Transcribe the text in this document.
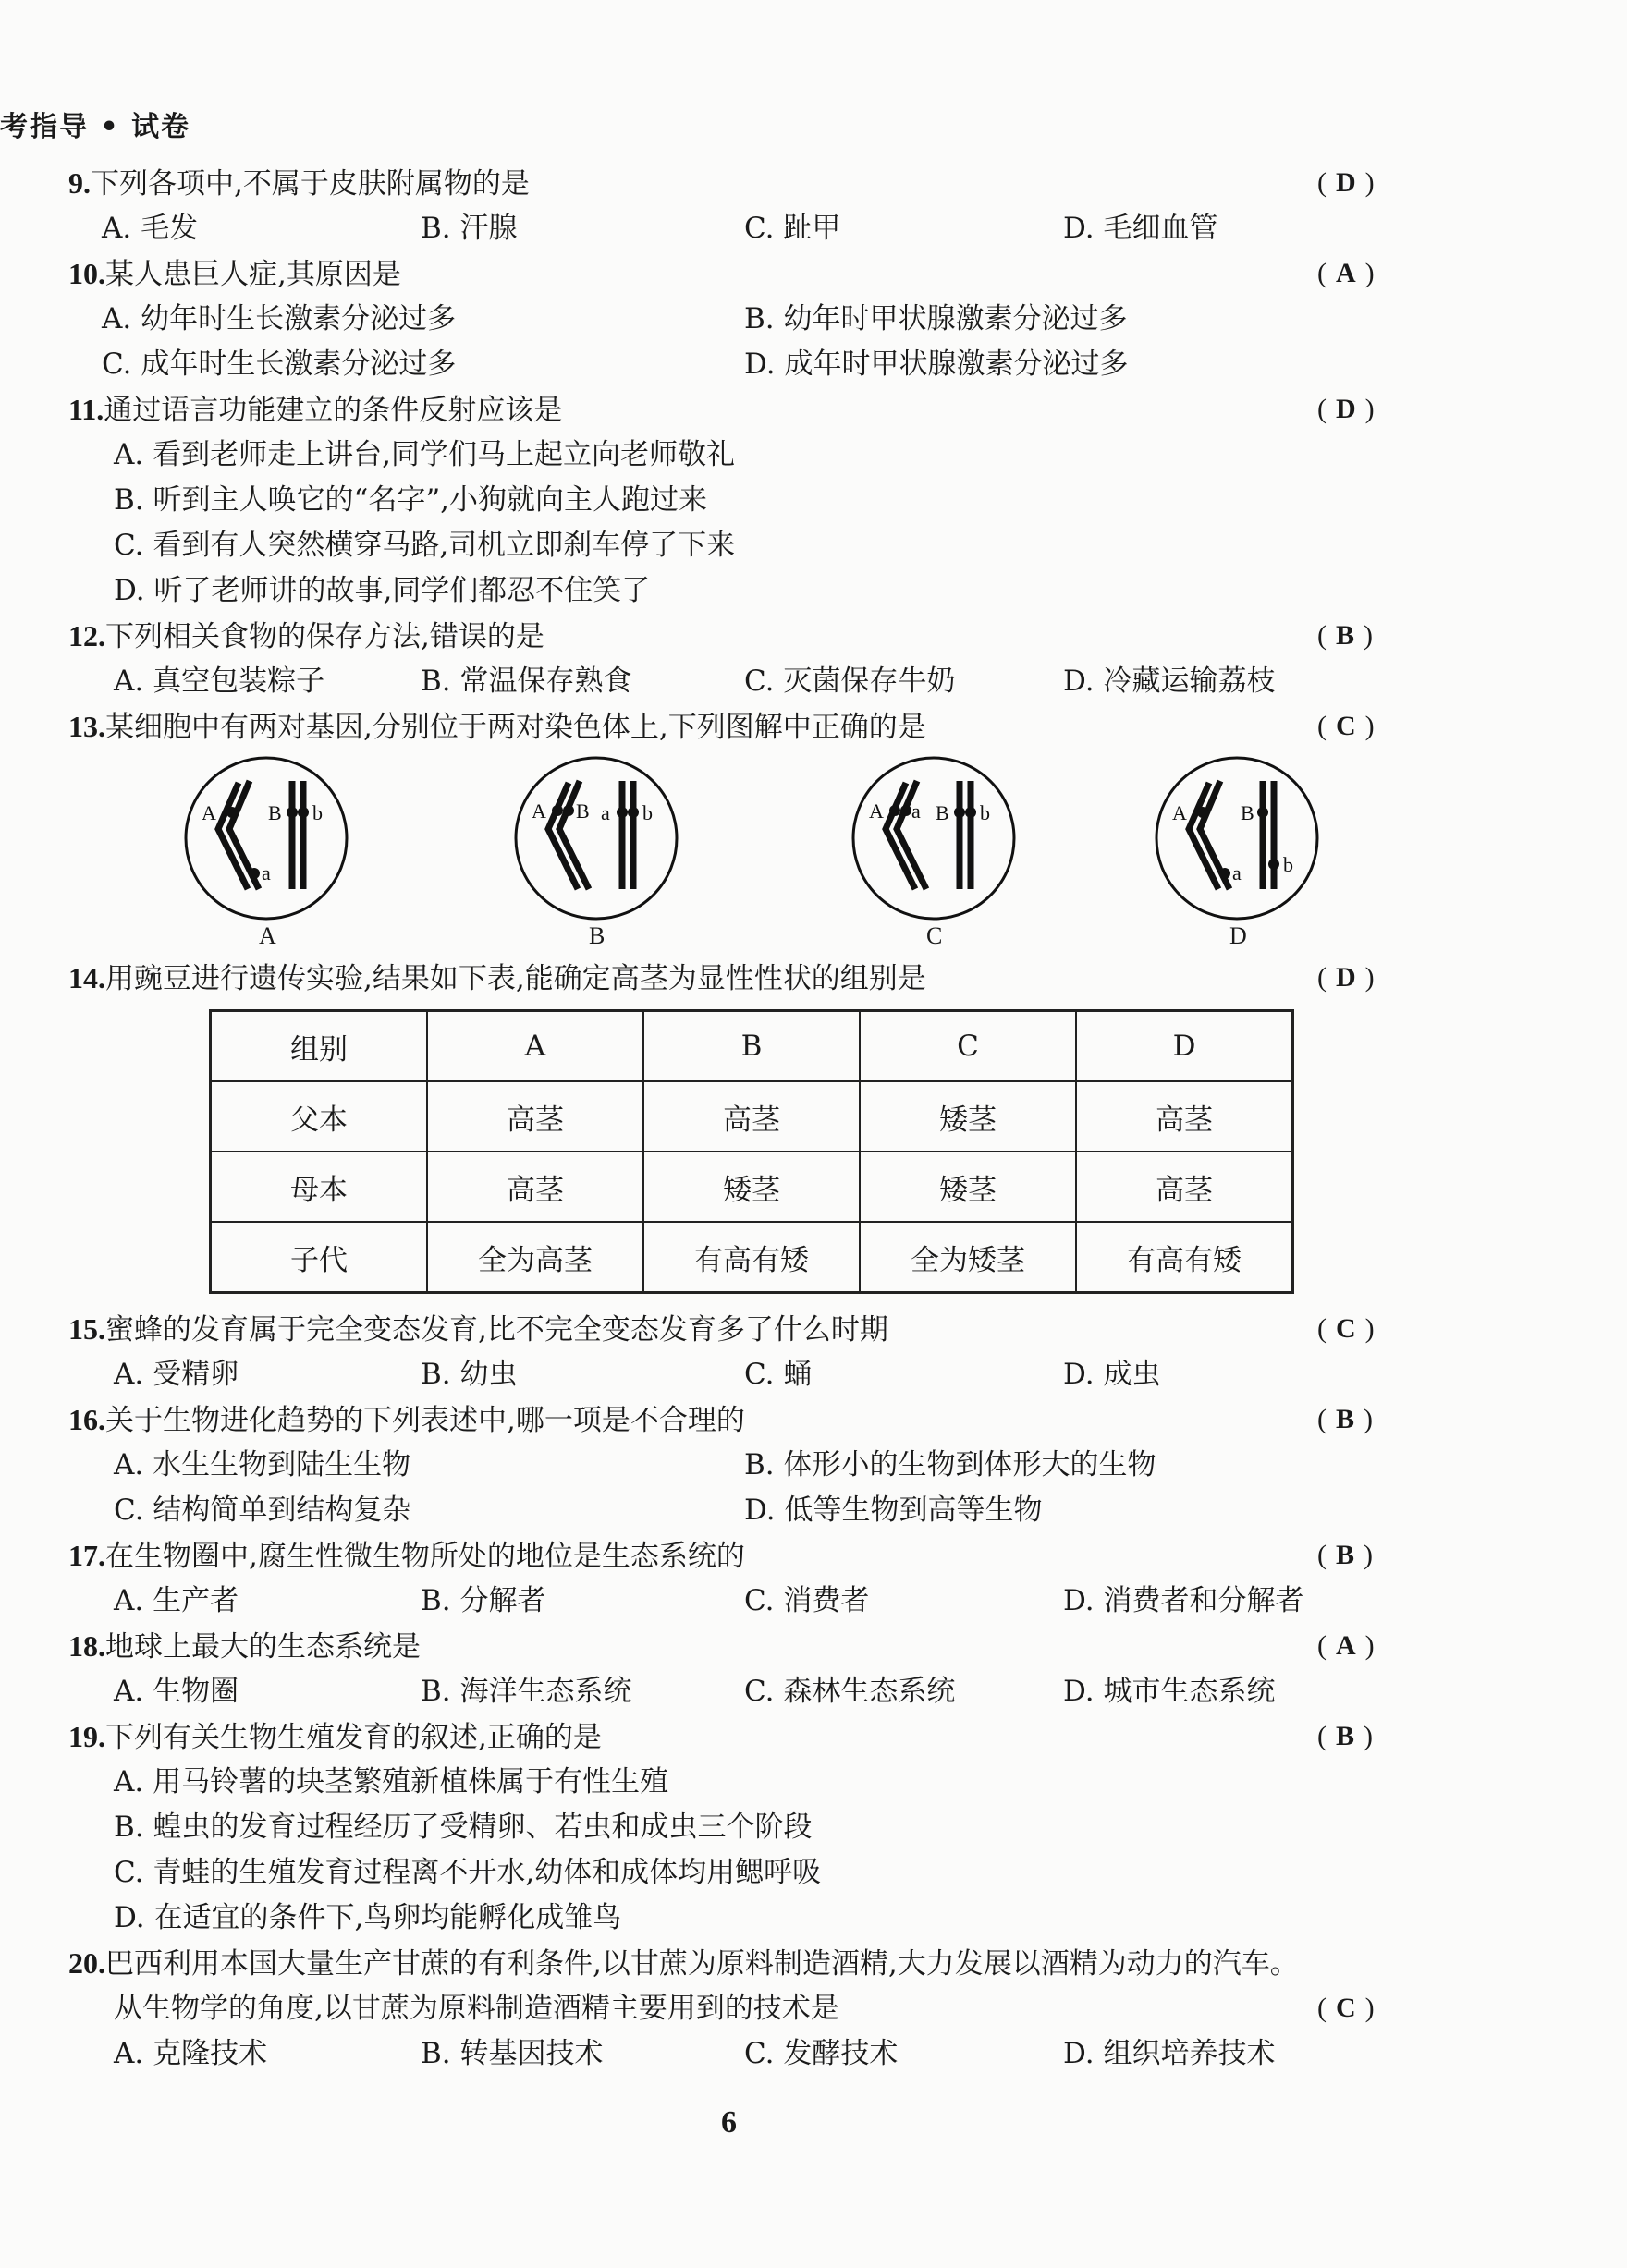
考指导 • 试卷
9.下列各项中,不属于皮肤附属物的是	( D )
A. 毛发	B. 汗腺	C. 趾甲	D. 毛细血管
10.某人患巨人症,其原因是	( A )
A. 幼年时生长激素分泌过多	B. 幼年时甲状腺激素分泌过多
C. 成年时生长激素分泌过多	D. 成年时甲状腺激素分泌过多
11.通过语言功能建立的条件反射应该是	( D )
A. 看到老师走上讲台,同学们马上起立向老师敬礼
B. 听到主人唤它的“名字”,小狗就向主人跑过来
C. 看到有人突然横穿马路,司机立即刹车停了下来
D. 听了老师讲的故事,同学们都忍不住笑了
12.下列相关食物的保存方法,错误的是	( B )
A. 真空包装粽子	B. 常温保存熟食	C. 灭菌保存牛奶	D. 冷藏运输荔枝
13.某细胞中有两对基因,分别位于两对染色体上,下列图解中正确的是	( C )
A
a
B b	A B a b	A a B b	A
a
B
b
A	B	C	D
14.用豌豆进行遗传实验,结果如下表,能确定高茎为显性性状的组别是	( D )
组别	A	B	C	D
父本	高茎	高茎	矮茎	高茎
母本	高茎	矮茎	矮茎	高茎
子代	全为高茎	有高有矮	全为矮茎	有高有矮
15.蜜蜂的发育属于完全变态发育,比不完全变态发育多了什么时期	( C )
A. 受精卵	B. 幼虫	C. 蛹	D. 成虫
16.关于生物进化趋势的下列表述中,哪一项是不合理的	( B )
A. 水生生物到陆生生物	B. 体形小的生物到体形大的生物
C. 结构简单到结构复杂	D. 低等生物到高等生物
17.在生物圈中,腐生性微生物所处的地位是生态系统的	( B )
A. 生产者	B. 分解者	C. 消费者	D. 消费者和分解者
18.地球上最大的生态系统是	( A )
A. 生物圈	B. 海洋生态系统	C. 森林生态系统	D. 城市生态系统
19.下列有关生物生殖发育的叙述,正确的是	( B )
A. 用马铃薯的块茎繁殖新植株属于有性生殖
B. 蝗虫的发育过程经历了受精卵、若虫和成虫三个阶段
C. 青蛙的生殖发育过程离不开水,幼体和成体均用鳃呼吸
D. 在适宜的条件下,鸟卵均能孵化成雏鸟
20.巴西利用本国大量生产甘蔗的有利条件,以甘蔗为原料制造酒精,大力发展以酒精为动力的汽车。
从生物学的角度,以甘蔗为原料制造酒精主要用到的技术是	( C )
A. 克隆技术	B. 转基因技术	C. 发酵技术	D. 组织培养技术
6
